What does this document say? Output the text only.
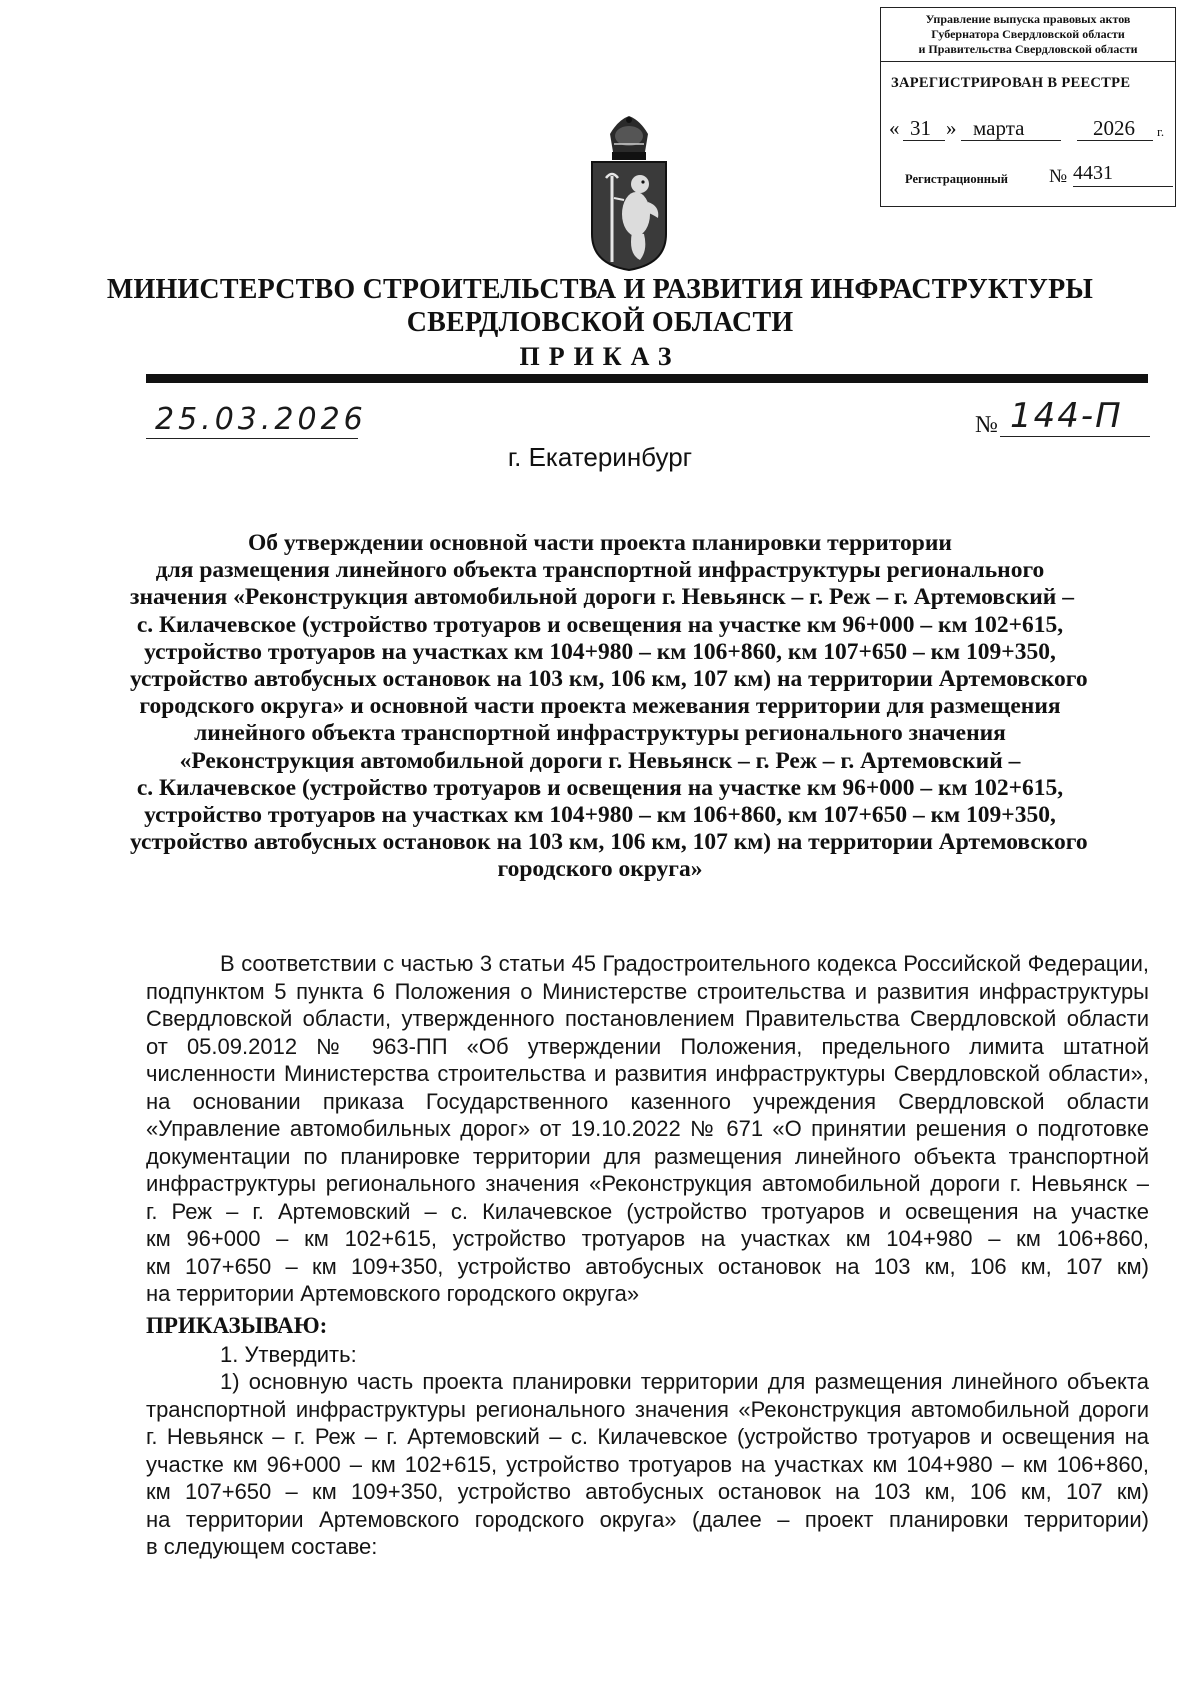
Управление выпуска правовых актов
Губернатора Свердловской области
и Правительства Свердловской области
ЗАРЕГИСТРИРОВАН В РЕЕСТРЕ
« 31 » марта	2026 г.
Регистрационный № 4431
МИНИСТЕРСТВО СТРОИТЕЛЬСТВА И РАЗВИТИЯ ИНФРАСТРУКТУРЫ
СВЕРДЛОВСКОЙ ОБЛАСТИ
ПРИКАЗ
25.03.2026	№ 144-П
г. Екатеринбург
Об утверждении основной части проекта планировки территории
для размещения линейного объекта транспортной инфраструктуры регионального
значения «Реконструкция автомобильной дороги г. Невьянск – г. Реж – г. Артемовский –
с. Килачевское (устройство тротуаров и освещения на участке км 96+000 – км 102+615,
устройство тротуаров на участках км 104+980 – км 106+860, км 107+650 – км 109+350,
устройство автобусных остановок на 103 км, 106 км, 107 км) на территории Артемовского
городского округа» и основной части проекта межевания территории для размещения
линейного объекта транспортной инфраструктуры регионального значения
«Реконструкция автомобильной дороги г. Невьянск – г. Реж – г. Артемовский –
с. Килачевское (устройство тротуаров и освещения на участке км 96+000 – км 102+615,
устройство тротуаров на участках км 104+980 – км 106+860, км 107+650 – км 109+350,
устройство автобусных остановок на 103 км, 106 км, 107 км) на территории Артемовского
городского округа»
В соответствии с частью 3 статьи 45 Градостроительного кодекса Российской Федерации,
подпунктом 5 пункта 6 Положения о Министерстве строительства и развития инфраструктуры
Свердловской области, утвержденного постановлением Правительства Свердловской области
от 05.09.2012 № 963-ПП «Об утверждении Положения, предельного лимита штатной
численности Министерства строительства и развития инфраструктуры Свердловской области»,
на основании приказа Государственного казенного учреждения Свердловской области
«Управление автомобильных дорог» от 19.10.2022 № 671 «О принятии решения о подготовке
документации по планировке территории для размещения линейного объекта транспортной
инфраструктуры регионального значения «Реконструкция автомобильной дороги г. Невьянск –
г. Реж – г. Артемовский – с. Килачевское (устройство тротуаров и освещения на участке
км 96+000 – км 102+615, устройство тротуаров на участках км 104+980 – км 106+860,
км 107+650 – км 109+350, устройство автобусных остановок на 103 км, 106 км, 107 км)
на территории Артемовского городского округа»
ПРИКАЗЫВАЮ:
1. Утвердить:
1) основную часть проекта планировки территории для размещения линейного объекта
транспортной инфраструктуры регионального значения «Реконструкция автомобильной дороги
г. Невьянск – г. Реж – г. Артемовский – с. Килачевское (устройство тротуаров и освещения на
участке км 96+000 – км 102+615, устройство тротуаров на участках км 104+980 – км 106+860,
км 107+650 – км 109+350, устройство автобусных остановок на 103 км, 106 км, 107 км)
на территории Артемовского городского округа» (далее – проект планировки территории)
в следующем составе:
